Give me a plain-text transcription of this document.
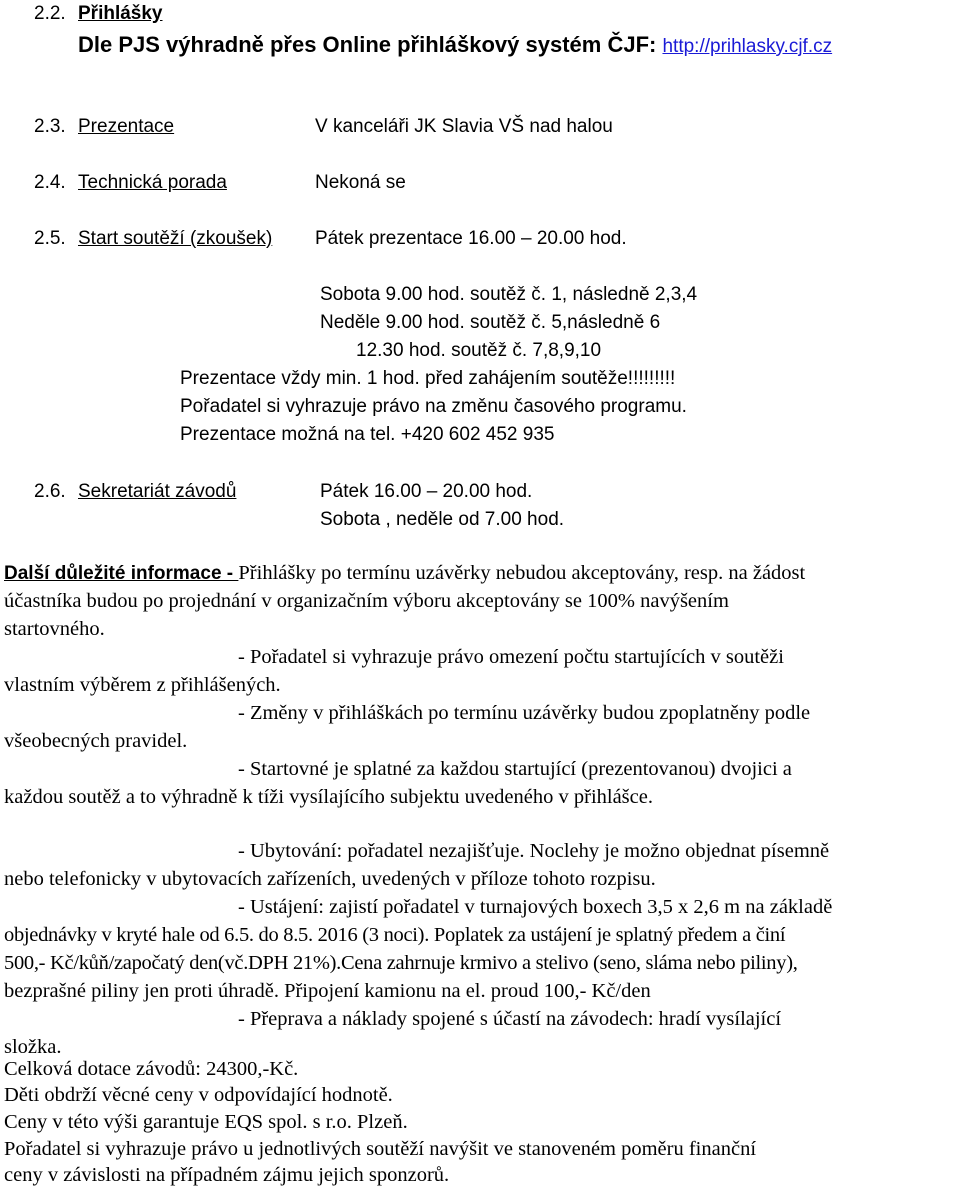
2.2. Přihlášky
Dle PJS výhradně přes Online přihláškový systém ČJF: http://prihlasky.cjf.cz
2.3. Prezentace	V kanceláři JK Slavia VŠ nad halou
2.4. Technická porada	Nekoná se
2.5. Start soutěží (zkoušek) Pátek prezentace 16.00 – 20.00 hod.
Sobota 9.00 hod. soutěž č. 1, následně 2,3,4
Neděle 9.00 hod. soutěž č. 5,následně 6
12.30 hod. soutěž č. 7,8,9,10
Prezentace vždy min. 1 hod. před zahájením soutěže!!!!!!!!!
Pořadatel si vyhrazuje právo na změnu časového programu.
Prezentace možná na tel. +420 602 452 935
2.6. Sekretariát závodů	Pátek 16.00 – 20.00 hod.
Sobota , neděle od 7.00 hod.
Další důležité informace - Přihlášky po termínu uzávěrky nebudou akceptovány, resp. na žádost
účastníka budou po projednání v organizačním výboru akceptovány se 100% navýšením
startovného.
- Pořadatel si vyhrazuje právo omezení počtu startujících v soutěži
vlastním výběrem z přihlášených.
- Změny v přihláškách po termínu uzávěrky budou zpoplatněny podle
všeobecných pravidel.
- Startovné je splatné za každou startující (prezentovanou) dvojici a
každou soutěž a to výhradně k tíži vysílajícího subjektu uvedeného v přihlášce.
- Ubytování: pořadatel nezajišťuje. Noclehy je možno objednat písemně
nebo telefonicky v ubytovacích zařízeních, uvedených v příloze tohoto rozpisu.
- Ustájení: zajistí pořadatel v turnajových boxech 3,5 x 2,6 m na základě
objednávky v kryté hale od 6.5. do 8.5. 2016 (3 noci). Poplatek za ustájení je splatný předem a činí
500,- Kč/kůň/započatý den(vč.DPH 21%).Cena zahrnuje krmivo a stelivo (seno, sláma nebo piliny),
bezprašné piliny jen proti úhradě. Připojení kamionu na el. proud 100,- Kč/den
- Přeprava a náklady spojené s účastí na závodech: hradí vysílající
složka.
Celková dotace závodů: 24300,-Kč.
Děti obdrží věcné ceny v odpovídající hodnotě.
Ceny v této výši garantuje EQS spol. s r.o. Plzeň.
Pořadatel si vyhrazuje právo u jednotlivých soutěží navýšit ve stanoveném poměru finanční
ceny v závislosti na případném zájmu jejich sponzorů.
